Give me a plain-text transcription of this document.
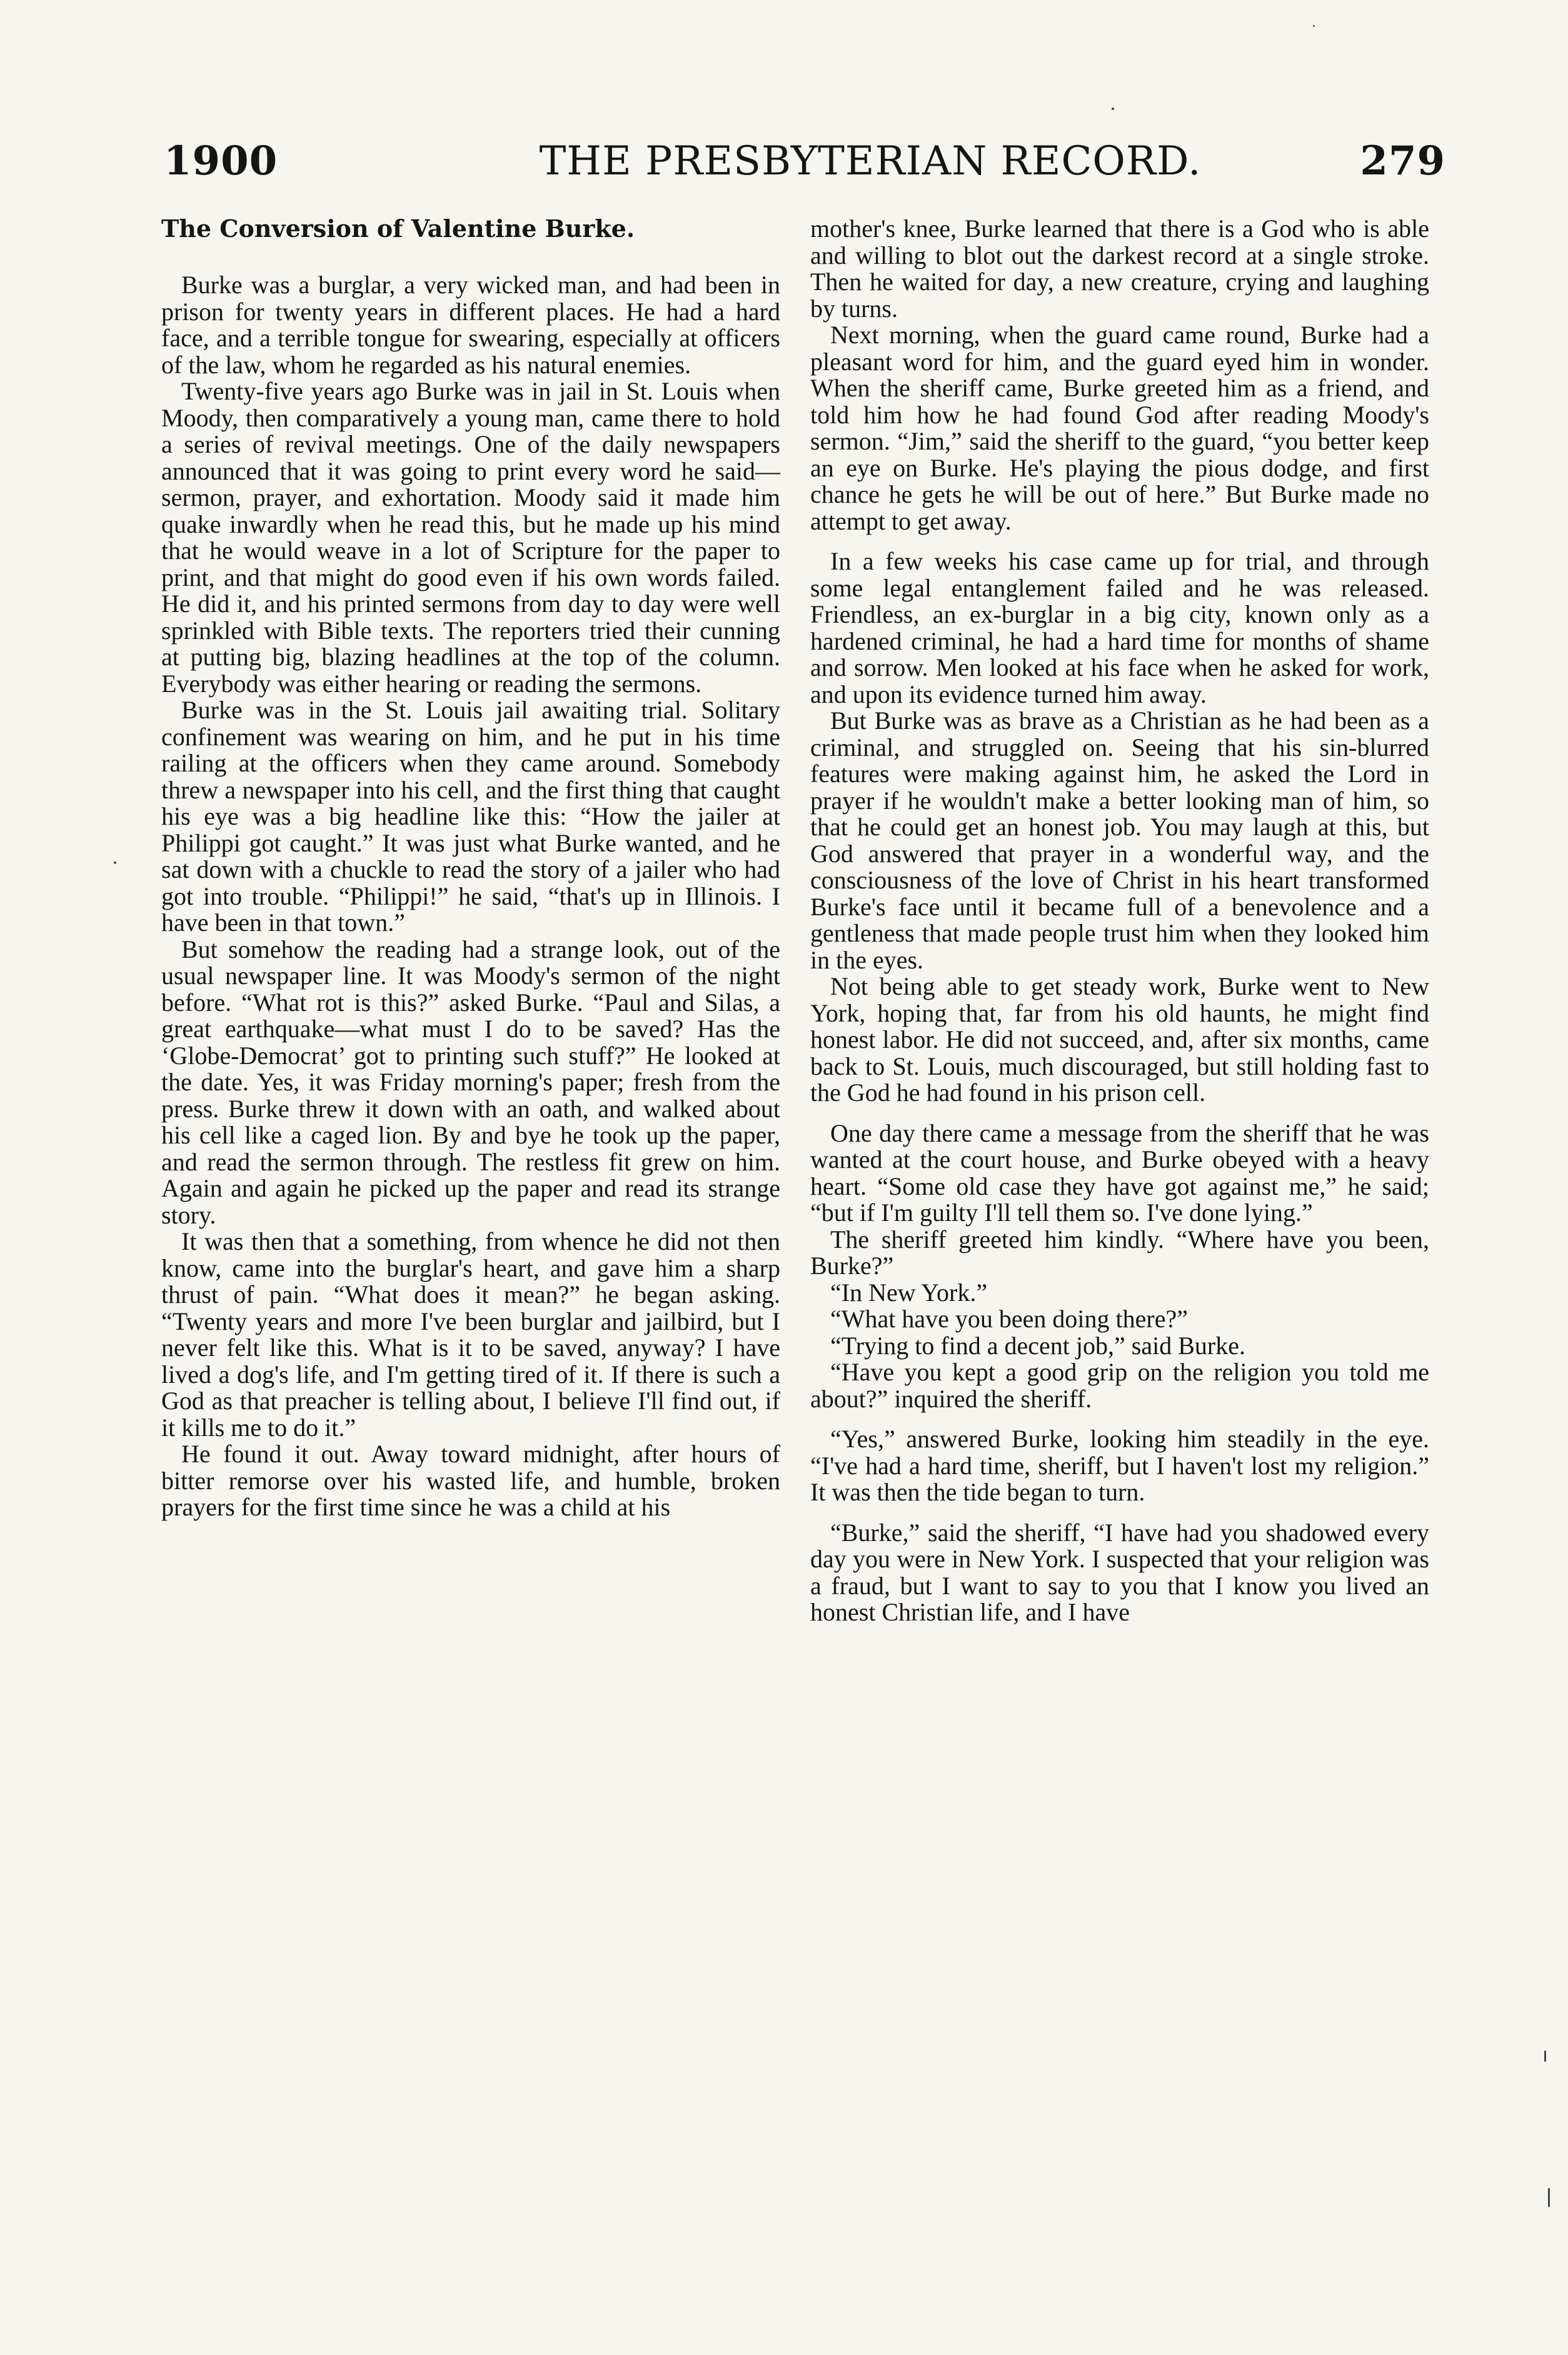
1900	THE PRESBYTERIAN RECORD.	279
The Conversion of Valentine Burke.

Burke was a burglar, a very wicked man, and had been in prison for twenty years in different places. He had a hard face, and a terrible tongue for swearing, especially at officers of the law, whom he regarded as his natural enemies.

Twenty-five years ago Burke was in jail in St. Louis when Moody, then comparatively a young man, came there to hold a series of revival meetings. One of the daily newspapers announced that it was going to print every word he said—sermon, prayer, and exhortation. Moody said it made him quake inwardly when he read this, but he made up his mind that he would weave in a lot of Scripture for the paper to print, and that might do good even if his own words failed. He did it, and his printed sermons from day to day were well sprinkled with Bible texts. The reporters tried their cunning at putting big, blazing headlines at the top of the column. Everybody was either hearing or reading the sermons.

Burke was in the St. Louis jail awaiting trial. Solitary confinement was wearing on him, and he put in his time railing at the officers when they came around. Somebody threw a newspaper into his cell, and the first thing that caught his eye was a big headline like this: “How the jailer at Philippi got caught.” It was just what Burke wanted, and he sat down with a chuckle to read the story of a jailer who had got into trouble. “Philippi!” he said, “that's up in Illinois. I have been in that town.”

But somehow the reading had a strange look, out of the usual newspaper line. It was Moody's sermon of the night before. “What rot is this?” asked Burke. “Paul and Silas, a great earthquake—what must I do to be saved? Has the ‘Globe-Democrat’ got to printing such stuff?” He looked at the date. Yes, it was Friday morning's paper; fresh from the press. Burke threw it down with an oath, and walked about his cell like a caged lion. By and bye he took up the paper, and read the sermon through. The restless fit grew on him. Again and again he picked up the paper and read its strange story.

It was then that a something, from whence he did not then know, came into the burglar's heart, and gave him a sharp thrust of pain. “What does it mean?” he began asking. “Twenty years and more I've been burglar and jailbird, but I never felt like this. What is it to be saved, anyway? I have lived a dog's life, and I'm getting tired of it. If there is such a God as that preacher is telling about, I believe I'll find out, if it kills me to do it.”

He found it out. Away toward midnight, after hours of bitter remorse over his wasted life, and humble, broken prayers for the first time since he was a child at his

mother's knee, Burke learned that there is a God who is able and willing to blot out the darkest record at a single stroke. Then he waited for day, a new creature, crying and laughing by turns.

Next morning, when the guard came round, Burke had a pleasant word for him, and the guard eyed him in wonder. When the sheriff came, Burke greeted him as a friend, and told him how he had found God after reading Moody's sermon. “Jim,” said the sheriff to the guard, “you better keep an eye on Burke. He's playing the pious dodge, and first chance he gets he will be out of here.” But Burke made no attempt to get away.

In a few weeks his case came up for trial, and through some legal entanglement failed and he was released. Friendless, an ex-burglar in a big city, known only as a hardened criminal, he had a hard time for months of shame and sorrow. Men looked at his face when he asked for work, and upon its evidence turned him away.

But Burke was as brave as a Christian as he had been as a criminal, and struggled on. Seeing that his sin-blurred features were making against him, he asked the Lord in prayer if he wouldn't make a better looking man of him, so that he could get an honest job. You may laugh at this, but God answered that prayer in a wonderful way, and the consciousness of the love of Christ in his heart transformed Burke's face until it became full of a benevolence and a gentleness that made people trust him when they looked him in the eyes.

Not being able to get steady work, Burke went to New York, hoping that, far from his old haunts, he might find honest labor. He did not succeed, and, after six months, came back to St. Louis, much discouraged, but still holding fast to the God he had found in his prison cell.

One day there came a message from the sheriff that he was wanted at the court house, and Burke obeyed with a heavy heart. “Some old case they have got against me,” he said; “but if I'm guilty I'll tell them so. I've done lying.”

The sheriff greeted him kindly. “Where have you been, Burke?”

“In New York.”

“What have you been doing there?”

“Trying to find a decent job,” said Burke.

“Have you kept a good grip on the religion you told me about?” inquired the sheriff.

“Yes,” answered Burke, looking him steadily in the eye. “I've had a hard time, sheriff, but I haven't lost my religion.” It was then the tide began to turn.

“Burke,” said the sheriff, “I have had you shadowed every day you were in New York. I suspected that your religion was a fraud, but I want to say to you that I know you lived an honest Christian life, and I have
